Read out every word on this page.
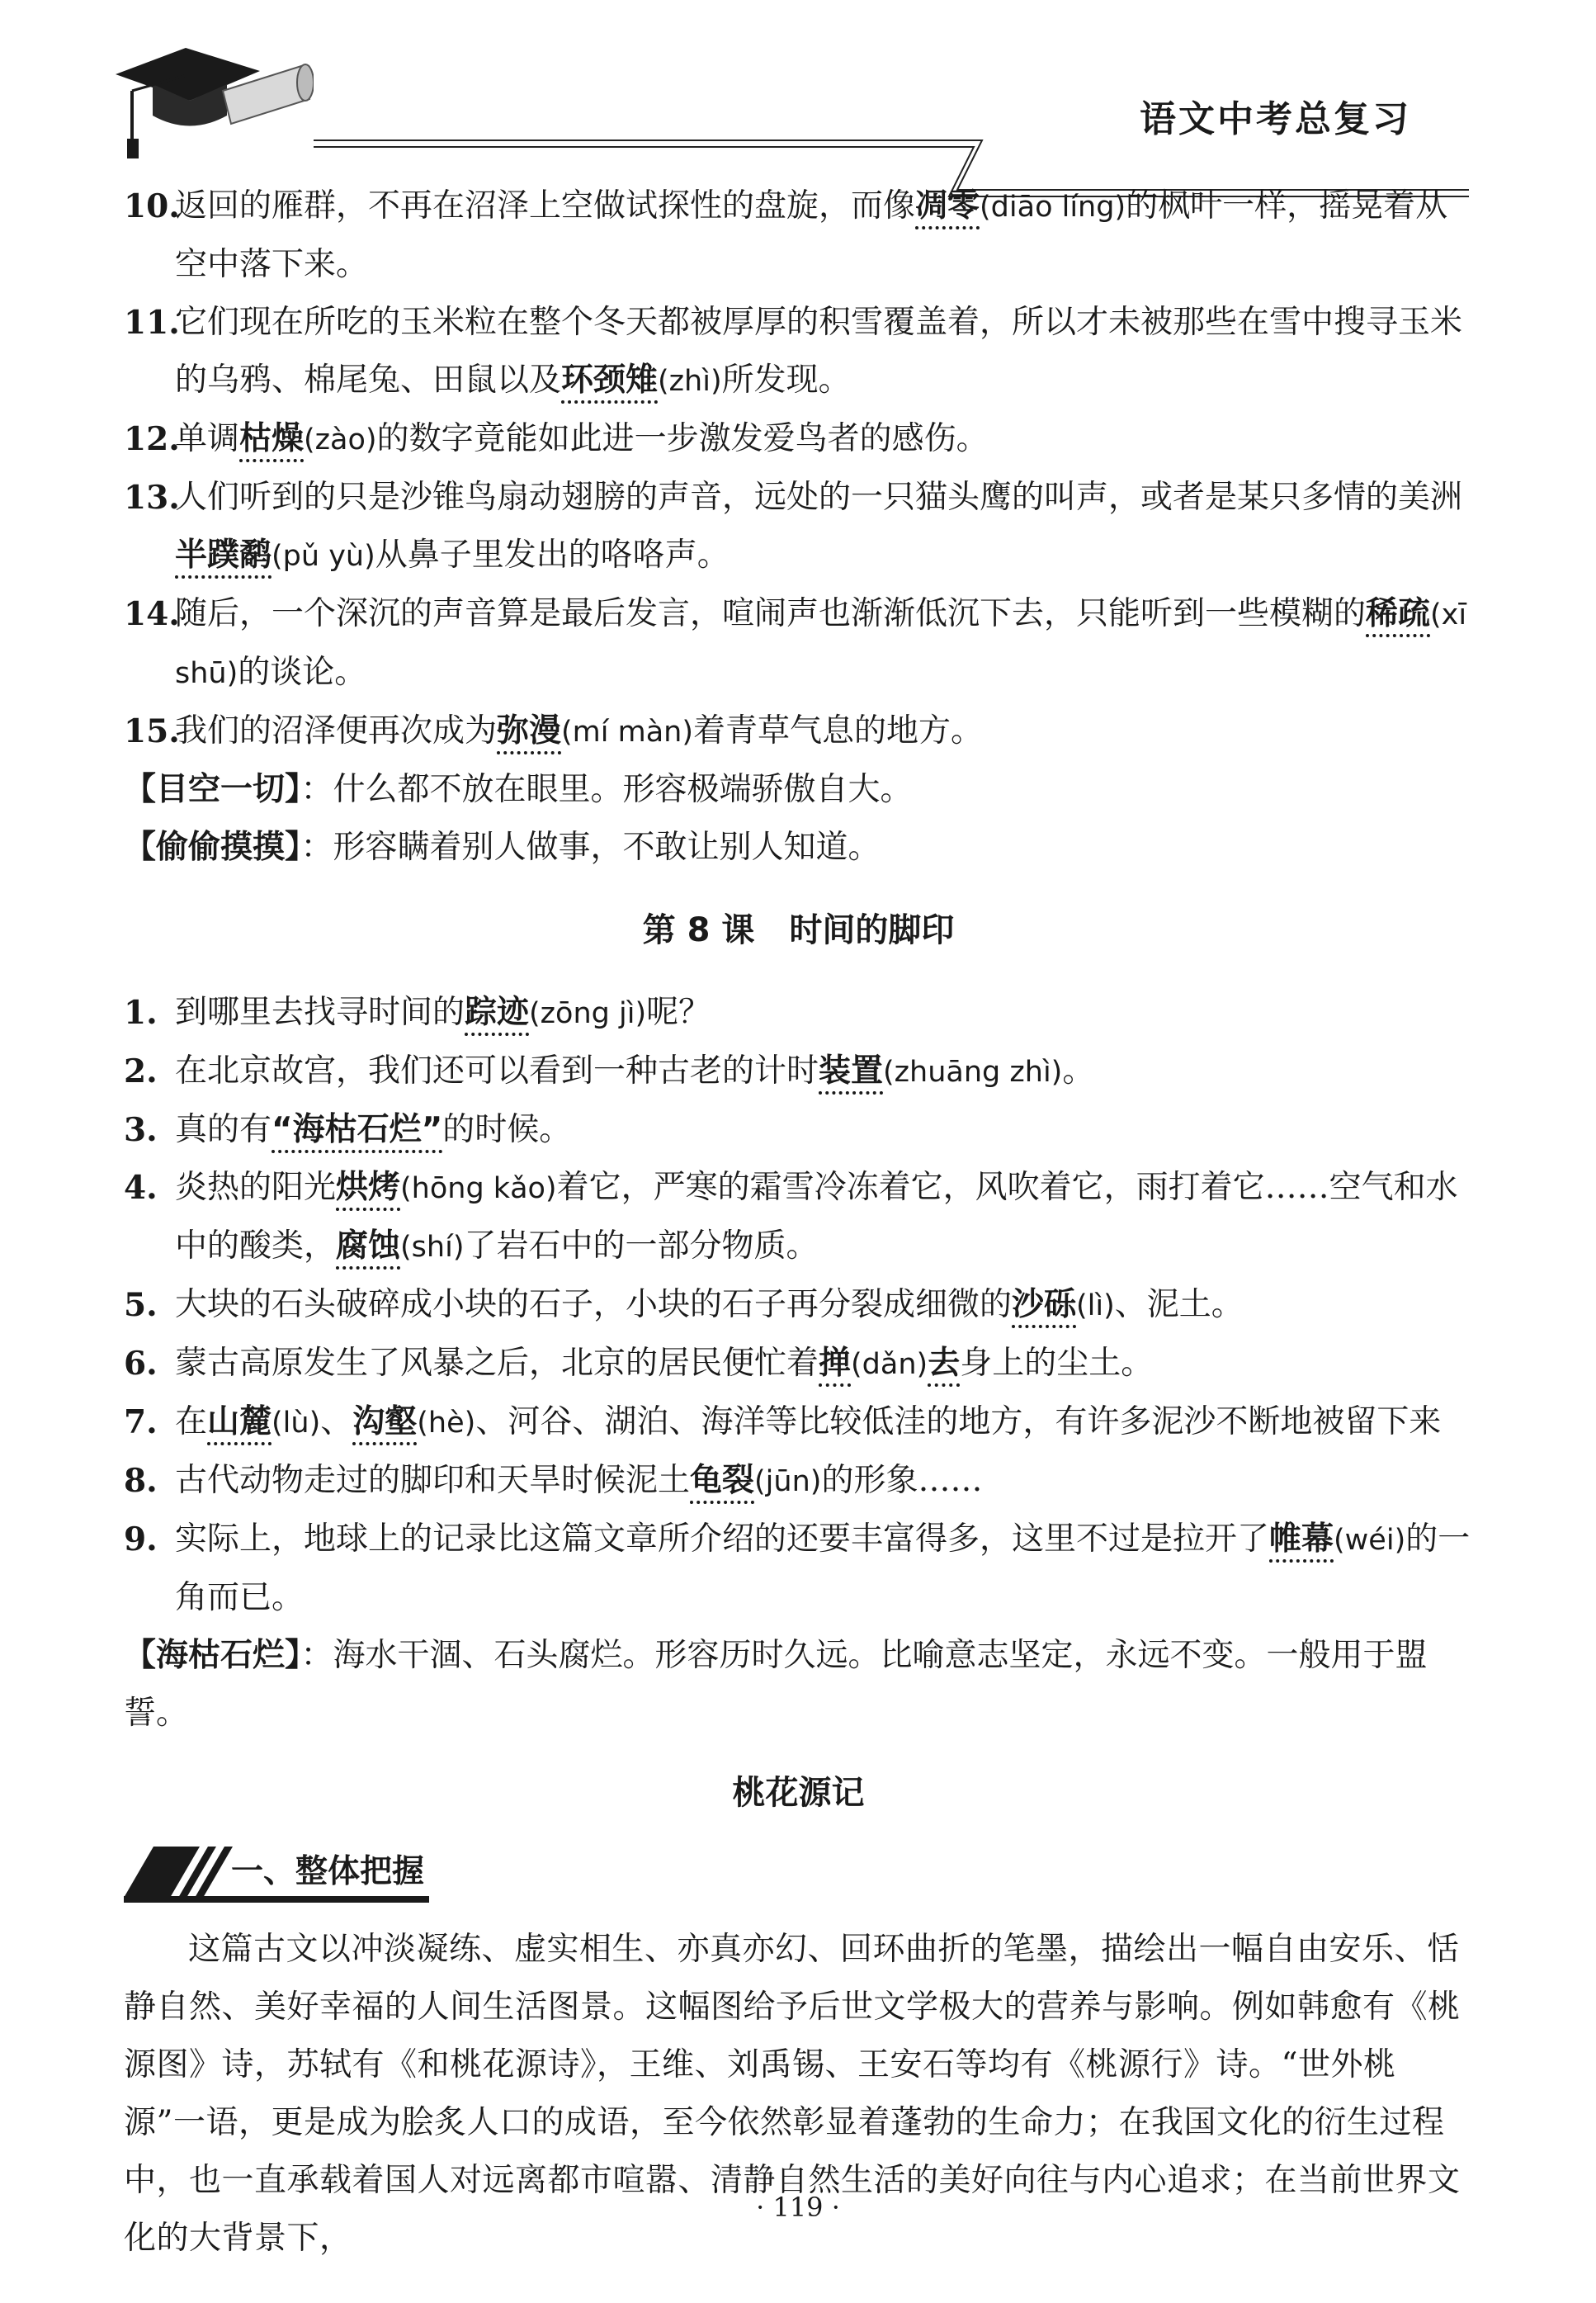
语文中考总复习

10.
返回的雁群，不再在沼泽上空做试探性的盘旋，而像凋零(diāo líng)的枫叶一样，摇晃着从空中落下来。

11.
它们现在所吃的玉米粒在整个冬天都被厚厚的积雪覆盖着，所以才未被那些在雪中搜寻玉米的乌鸦、棉尾兔、田鼠以及环颈雉(zhì)所发现。

12.
单调枯燥(zào)的数字竟能如此进一步激发爱鸟者的感伤。

13.
人们听到的只是沙锥鸟扇动翅膀的声音，远处的一只猫头鹰的叫声，或者是某只多情的美洲半蹼鹬(pǔ yù)从鼻子里发出的咯咯声。

14.
随后，一个深沉的声音算是最后发言，喧闹声也渐渐低沉下去，只能听到一些模糊的稀疏(xī shū)的谈论。

15.
我们的沼泽便再次成为弥漫(mí màn)着青草气息的地方。

【目空一切】：什么都不放在眼里。形容极端骄傲自大。

【偷偷摸摸】：形容瞒着别人做事，不敢让别人知道。

第 8 课 时间的脚印

1. 到哪里去找寻时间的踪迹(zōng jì)呢？

2. 在北京故宫，我们还可以看到一种古老的计时装置(zhuāng zhì)。

3. 真的有“海枯石烂”的时候。

4. 炎热的阳光烘烤(hōng kǎo)着它，严寒的霜雪冷冻着它，风吹着它，雨打着它……空气和水中的酸类，腐蚀(shí)了岩石中的一部分物质。

5. 大块的石头破碎成小块的石子，小块的石子再分裂成细微的沙砾(lì)、泥土。

6. 蒙古高原发生了风暴之后，北京的居民便忙着掸(dǎn)去身上的尘土。

7. 在山麓(lù)、沟壑(hè)、河谷、湖泊、海洋等比较低洼的地方，有许多泥沙不断地被留下来

8. 古代动物走过的脚印和天旱时候泥土龟裂(jūn)的形象……

9. 实际上，地球上的记录比这篇文章所介绍的还要丰富得多，这里不过是拉开了帷幕(wéi)的一角而已。

【海枯石烂】：海水干涸、石头腐烂。形容历时久远。比喻意志坚定，永远不变。一般用于盟誓。

桃花源记
一、整体把握

这篇古文以冲淡凝练、虚实相生、亦真亦幻、回环曲折的笔墨，描绘出一幅自由安乐、恬静自然、美好幸福的人间生活图景。这幅图给予后世文学极大的营养与影响。例如韩愈有《桃源图》诗，苏轼有《和桃花源诗》，王维、刘禹锡、王安石等均有《桃源行》诗。“世外桃源”一语，更是成为脍炙人口的成语，至今依然彰显着蓬勃的生命力；在我国文化的衍生过程中，也一直承载着国人对远离都市喧嚣、清静自然生活的美好向往与内心追求；在当前世界文化的大背景下，

· 119 ·
